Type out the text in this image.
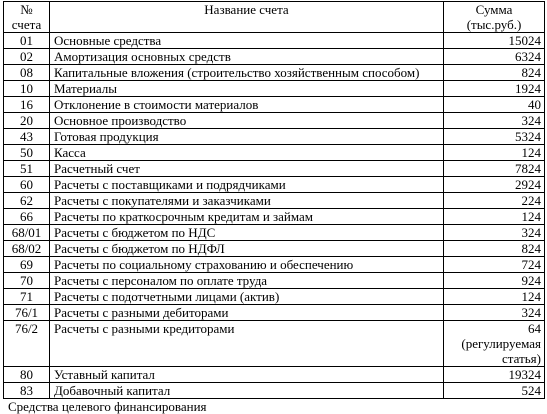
№ счета	Название счета	Сумма (тыс.руб.)
01	Основные средства	15024

02	Амортизация основных средств	6324

08	Капитальные вложения (строительство хозяйственным способом)	824

10	Материалы	1924

16	Отклонение в стоимости материалов	40

20	Основное производство	324

43	Готовая продукция	5324

50	Касса	124

51	Расчетный счет	7824

60	Расчеты с поставщиками и подрядчиками	2924

62	Расчеты с покупателями и заказчиками	224

66	Расчеты по краткосрочным кредитам и займам	124

68/01	Расчеты с бюджетом по НДС	324

68/02	Расчеты с бюджетом по НДФЛ	824

69	Расчеты по социальному страхованию и обеспечению	724

70	Расчеты с персоналом по оплате труда	924

71	Расчеты с подотчетными лицами (актив)	124

76/1	Расчеты с разными дебиторами	324

76/2	Расчеты с разными кредиторами	64
(регулируемая статья)

80	Уставный капитал	19324

83	Добавочный капитал	524
Средства целевого финансирования
